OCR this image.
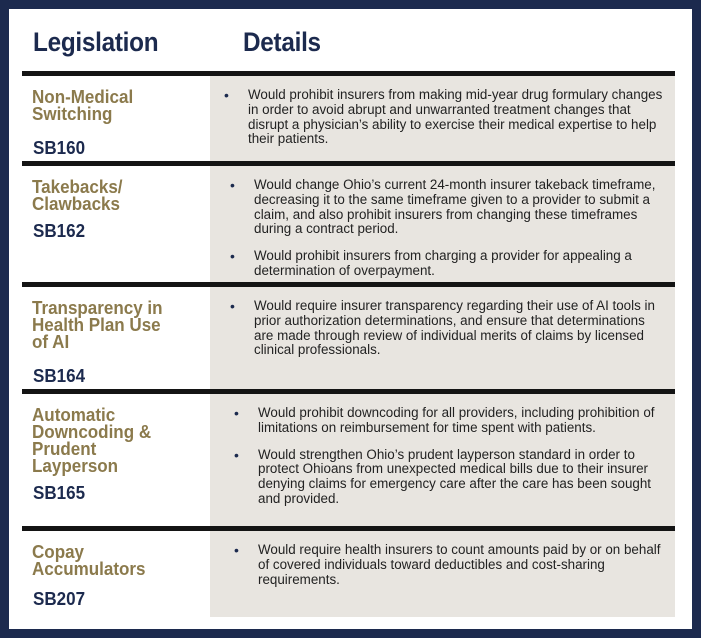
Legislation	Details
Non-Medical
Switching
SB160
• Would prohibit insurers from making mid-year drug formulary changes in order to avoid abrupt and unwarranted treatment changes that disrupt a physician’s ability to exercise their medical expertise to help their patients.
Takebacks/
Clawbacks
SB162
• Would change Ohio’s current 24-month insurer takeback timeframe, decreasing it to the same timeframe given to a provider to submit a claim, and also prohibit insurers from changing these timeframes during a contract period.
• Would prohibit insurers from charging a provider for appealing a determination of overpayment.
Transparency in
Health Plan Use
of AI
SB164
• Would require insurer transparency regarding their use of AI tools in prior authorization determinations, and ensure that determinations are made through review of individual merits of claims by licensed clinical professionals.
Automatic
Downcoding &
Prudent
Layperson
SB165
• Would prohibit downcoding for all providers, including prohibition of limitations on reimbursement for time spent with patients.
• Would strengthen Ohio’s prudent layperson standard in order to protect Ohioans from unexpected medical bills due to their insurer denying claims for emergency care after the care has been sought and provided.
Copay
Accumulators
SB207
• Would require health insurers to count amounts paid by or on behalf of covered individuals toward deductibles and cost-sharing requirements.
